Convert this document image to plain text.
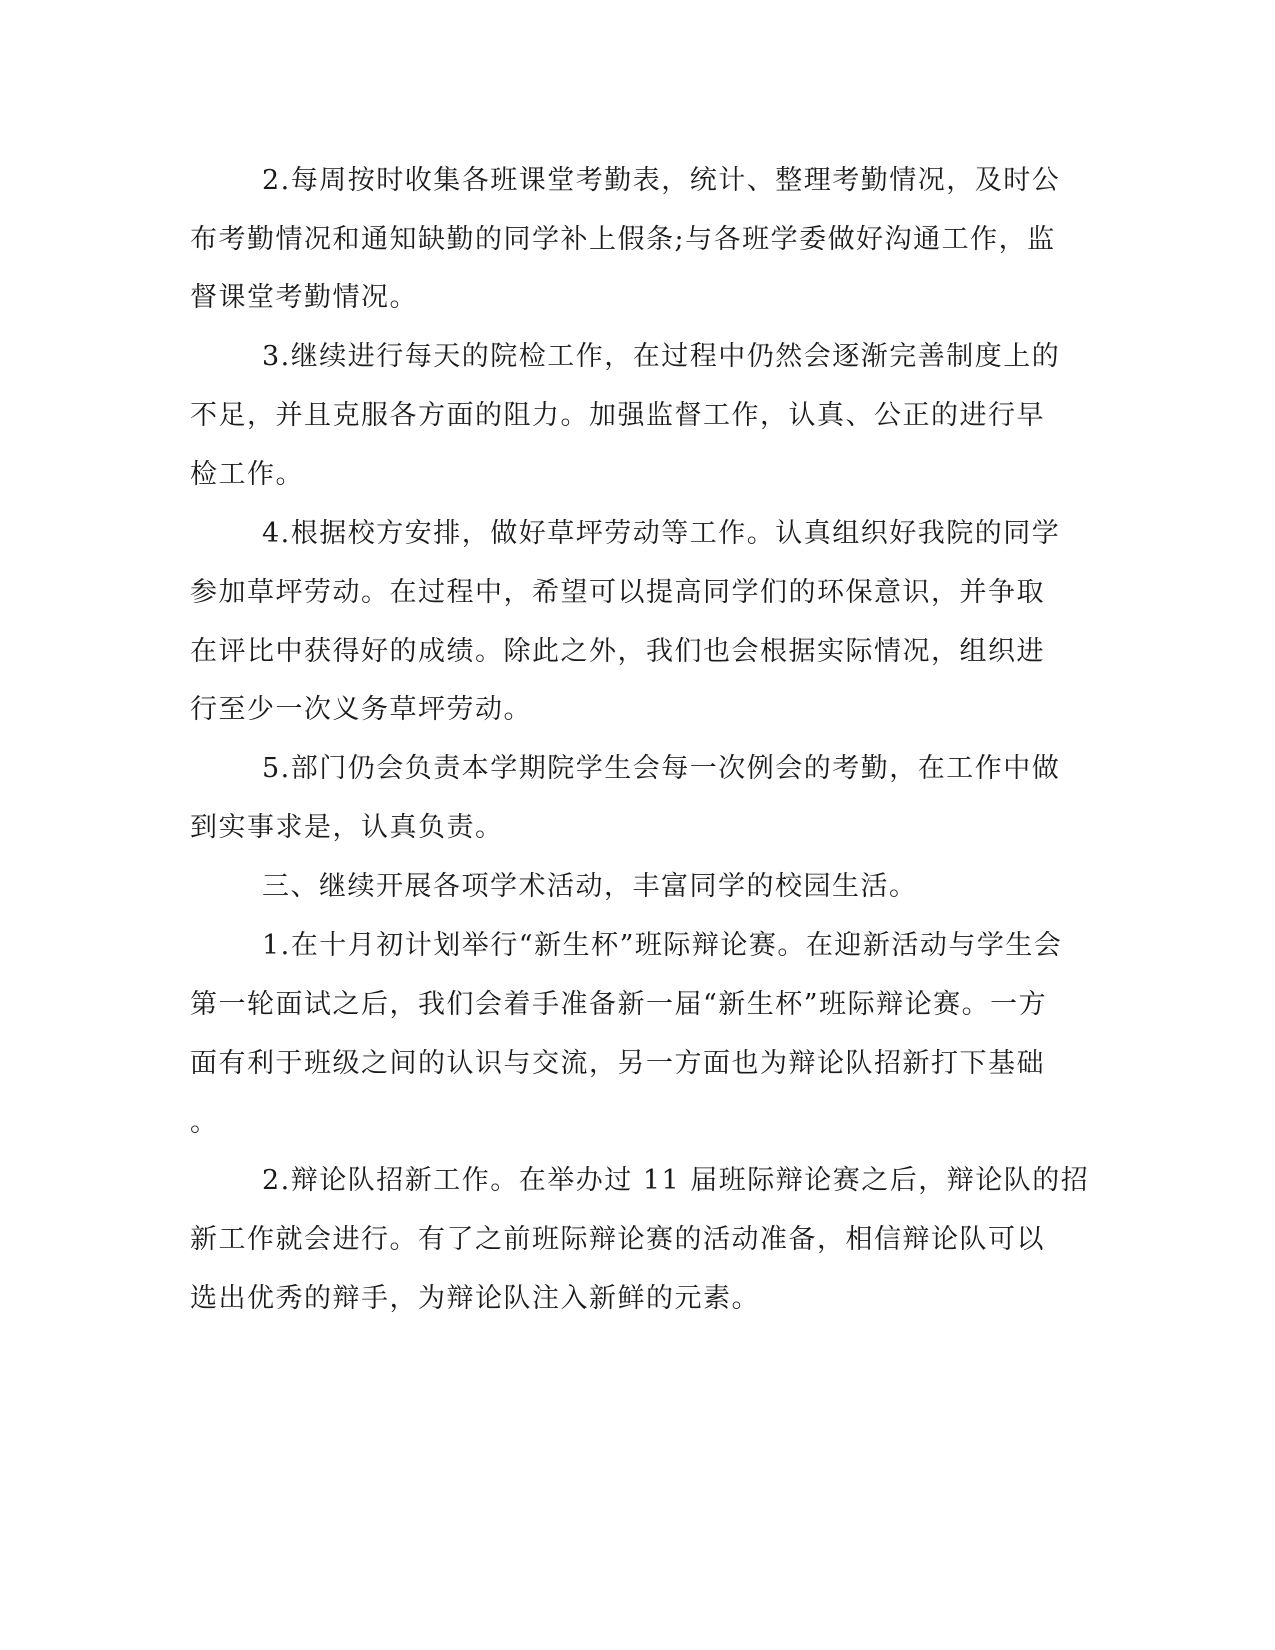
2.每周按时收集各班课堂考勤表，统计、整理考勤情况，及时公
布考勤情况和通知缺勤的同学补上假条;与各班学委做好沟通工作，监
督课堂考勤情况。
3.继续进行每天的院检工作，在过程中仍然会逐渐完善制度上的
不足，并且克服各方面的阻力。加强监督工作，认真、公正的进行早
检工作。
4.根据校方安排，做好草坪劳动等工作。认真组织好我院的同学
参加草坪劳动。在过程中，希望可以提高同学们的环保意识，并争取
在评比中获得好的成绩。除此之外，我们也会根据实际情况，组织进
行至少一次义务草坪劳动。
5.部门仍会负责本学期院学生会每一次例会的考勤，在工作中做
到实事求是，认真负责。
三、继续开展各项学术活动，丰富同学的校园生活。
1.在十月初计划举行“新生杯”班际辩论赛。在迎新活动与学生会
第一轮面试之后，我们会着手准备新一届“新生杯”班际辩论赛。一方
面有利于班级之间的认识与交流，另一方面也为辩论队招新打下基础
。
2.辩论队招新工作。在举办过 11 届班际辩论赛之后，辩论队的招
新工作就会进行。有了之前班际辩论赛的活动准备，相信辩论队可以
选出优秀的辩手，为辩论队注入新鲜的元素。
